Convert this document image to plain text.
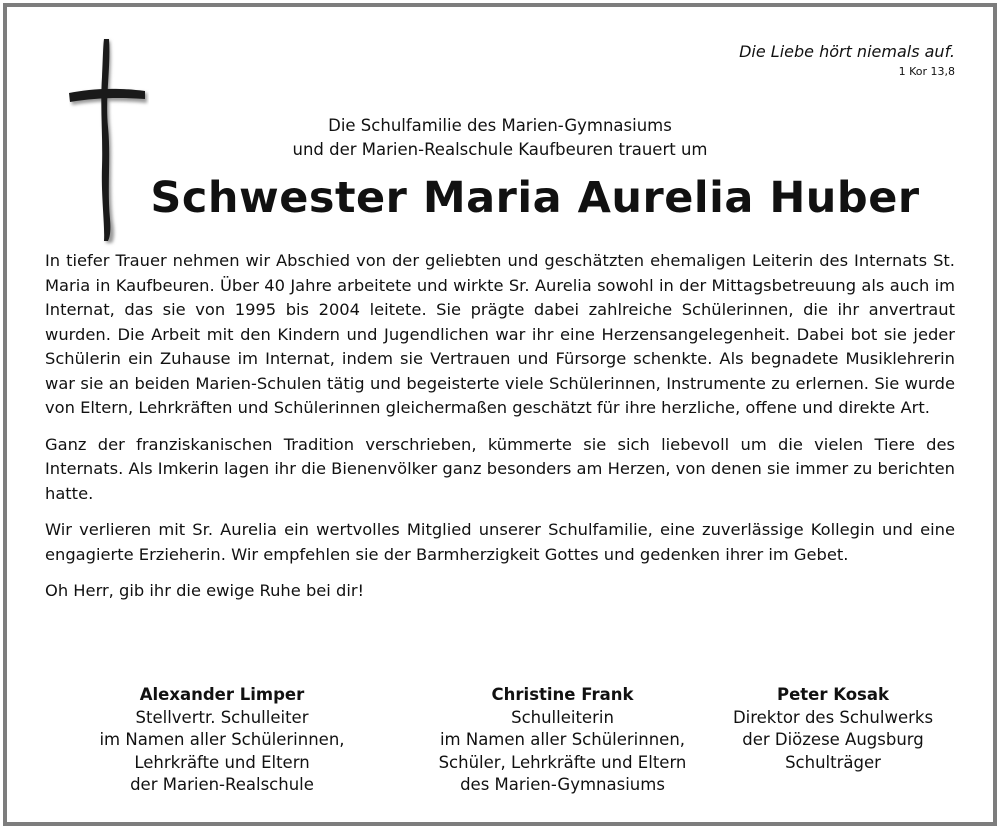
Die Liebe hört niemals auf.
1 Kor 13,8
Die Schulfamilie des Marien-Gymnasiums
und der Marien-Realschule Kaufbeuren trauert um
Schwester Maria Aurelia Huber

In tiefer Trauer nehmen wir Abschied von der geliebten und geschätzten ehemaligen Leiterin des Internats St. Maria in Kaufbeuren. Über 40 Jahre arbeitete und wirkte Sr. Aurelia sowohl in der Mittagsbetreuung als auch im Internat, das sie von 1995 bis 2004 leitete. Sie prägte dabei zahlreiche Schülerinnen, die ihr anvertraut wurden. Die Arbeit mit den Kindern und Jugendlichen war ihr eine Herzensangelegenheit. Dabei bot sie jeder Schülerin ein Zuhause im Internat, indem sie Vertrauen und Fürsorge schenkte. Als begnadete Musiklehrerin war sie an beiden Marien-Schulen tätig und begeisterte viele Schülerinnen, Instrumente zu erlernen. Sie wurde von Eltern, Lehrkräften und Schülerinnen gleichermaßen geschätzt für ihre herzliche, offene und direkte Art.

Ganz der franziskanischen Tradition verschrieben, kümmerte sie sich liebevoll um die vielen Tiere des Internats. Als Imkerin lagen ihr die Bienenvölker ganz besonders am Herzen, von denen sie immer zu berichten hatte.

Wir verlieren mit Sr. Aurelia ein wertvolles Mitglied unserer Schulfamilie, eine zuverlässige Kollegin und eine engagierte Erzieherin. Wir empfehlen sie der Barmherzigkeit Gottes und gedenken ihrer im Gebet.

Oh Herr, gib ihr die ewige Ruhe bei dir!

Alexander Limper
Stellvertr. Schulleiter
im Namen aller Schülerinnen,
Lehrkräfte und Eltern
der Marien-Realschule
Christine Frank
Schulleiterin
im Namen aller Schülerinnen,
Schüler, Lehrkräfte und Eltern
des Marien-Gymnasiums
Peter Kosak
Direktor des Schulwerks
der Diözese Augsburg
Schulträger
